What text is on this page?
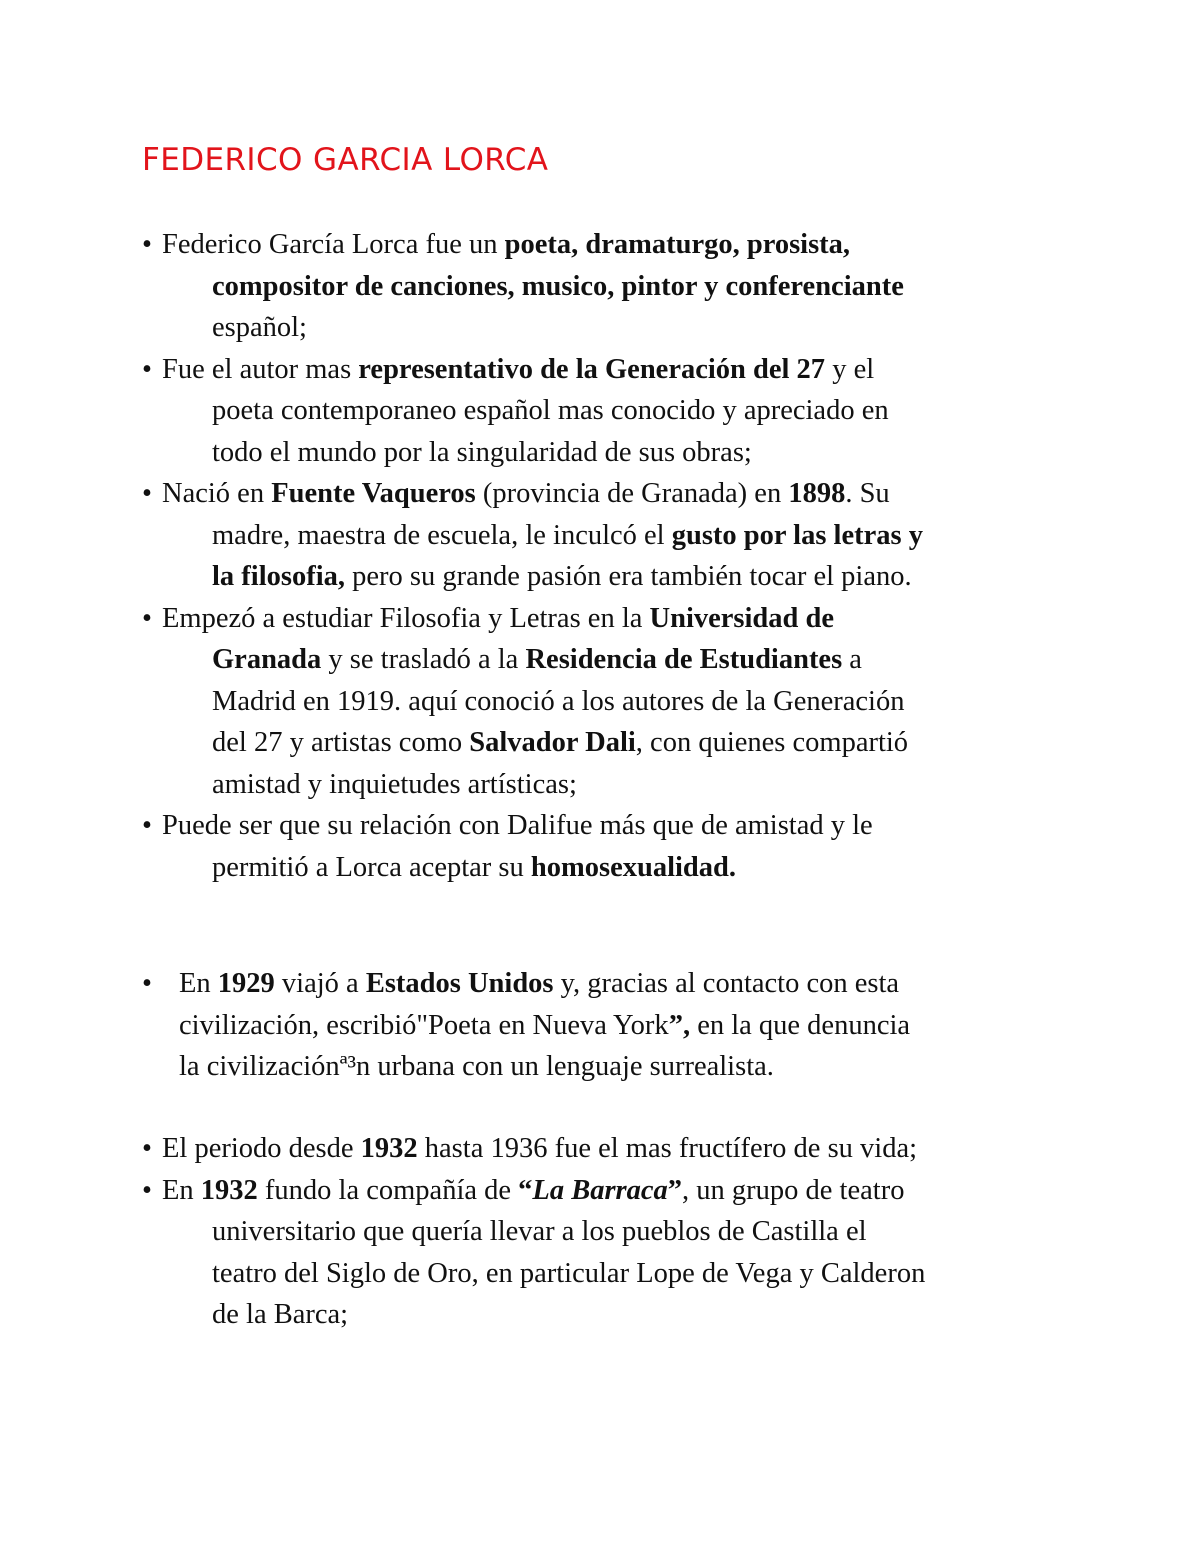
FEDERICO GARCIA LORCA

• Federico García Lorca fue un poeta, dramaturgo, prosista,
compositor de canciones, musico, pintor y conferenciante
español;

• Fue el autor mas representativo de la Generación del 27 y el
poeta contemporaneo español mas conocido y apreciado en
todo el mundo por la singularidad de sus obras;

• Nació en Fuente Vaqueros (provincia de Granada) en 1898. Su
madre, maestra de escuela, le inculcó el gusto por las letras y
la filosofia, pero su grande pasión era también tocar el piano.

• Empezó a estudiar Filosofia y Letras en la Universidad de
Granada y se trasladó a la Residencia de Estudiantes a
Madrid en 1919. aquí conoció a los autores de la Generación
del 27 y artistas como Salvador Dali, con quienes compartió
amistad y inquietudes artísticas;

• Puede ser que su relación con Dalifue más que de amistad y le
permitió a Lorca aceptar su homosexualidad.

• En 1929 viajó a Estados Unidos y, gracias al contacto con esta
civilización, escribió"Poeta en Nueva York”, en la que denuncia
la civilizaciónª³n urbana con un lenguaje surrealista.

• El periodo desde 1932 hasta 1936 fue el mas fructífero de su vida;

• En 1932 fundo la compañía de “La Barraca”, un grupo de teatro
universitario que quería llevar a los pueblos de Castilla el
teatro del Siglo de Oro, en particular Lope de Vega y Calderon
de la Barca;
